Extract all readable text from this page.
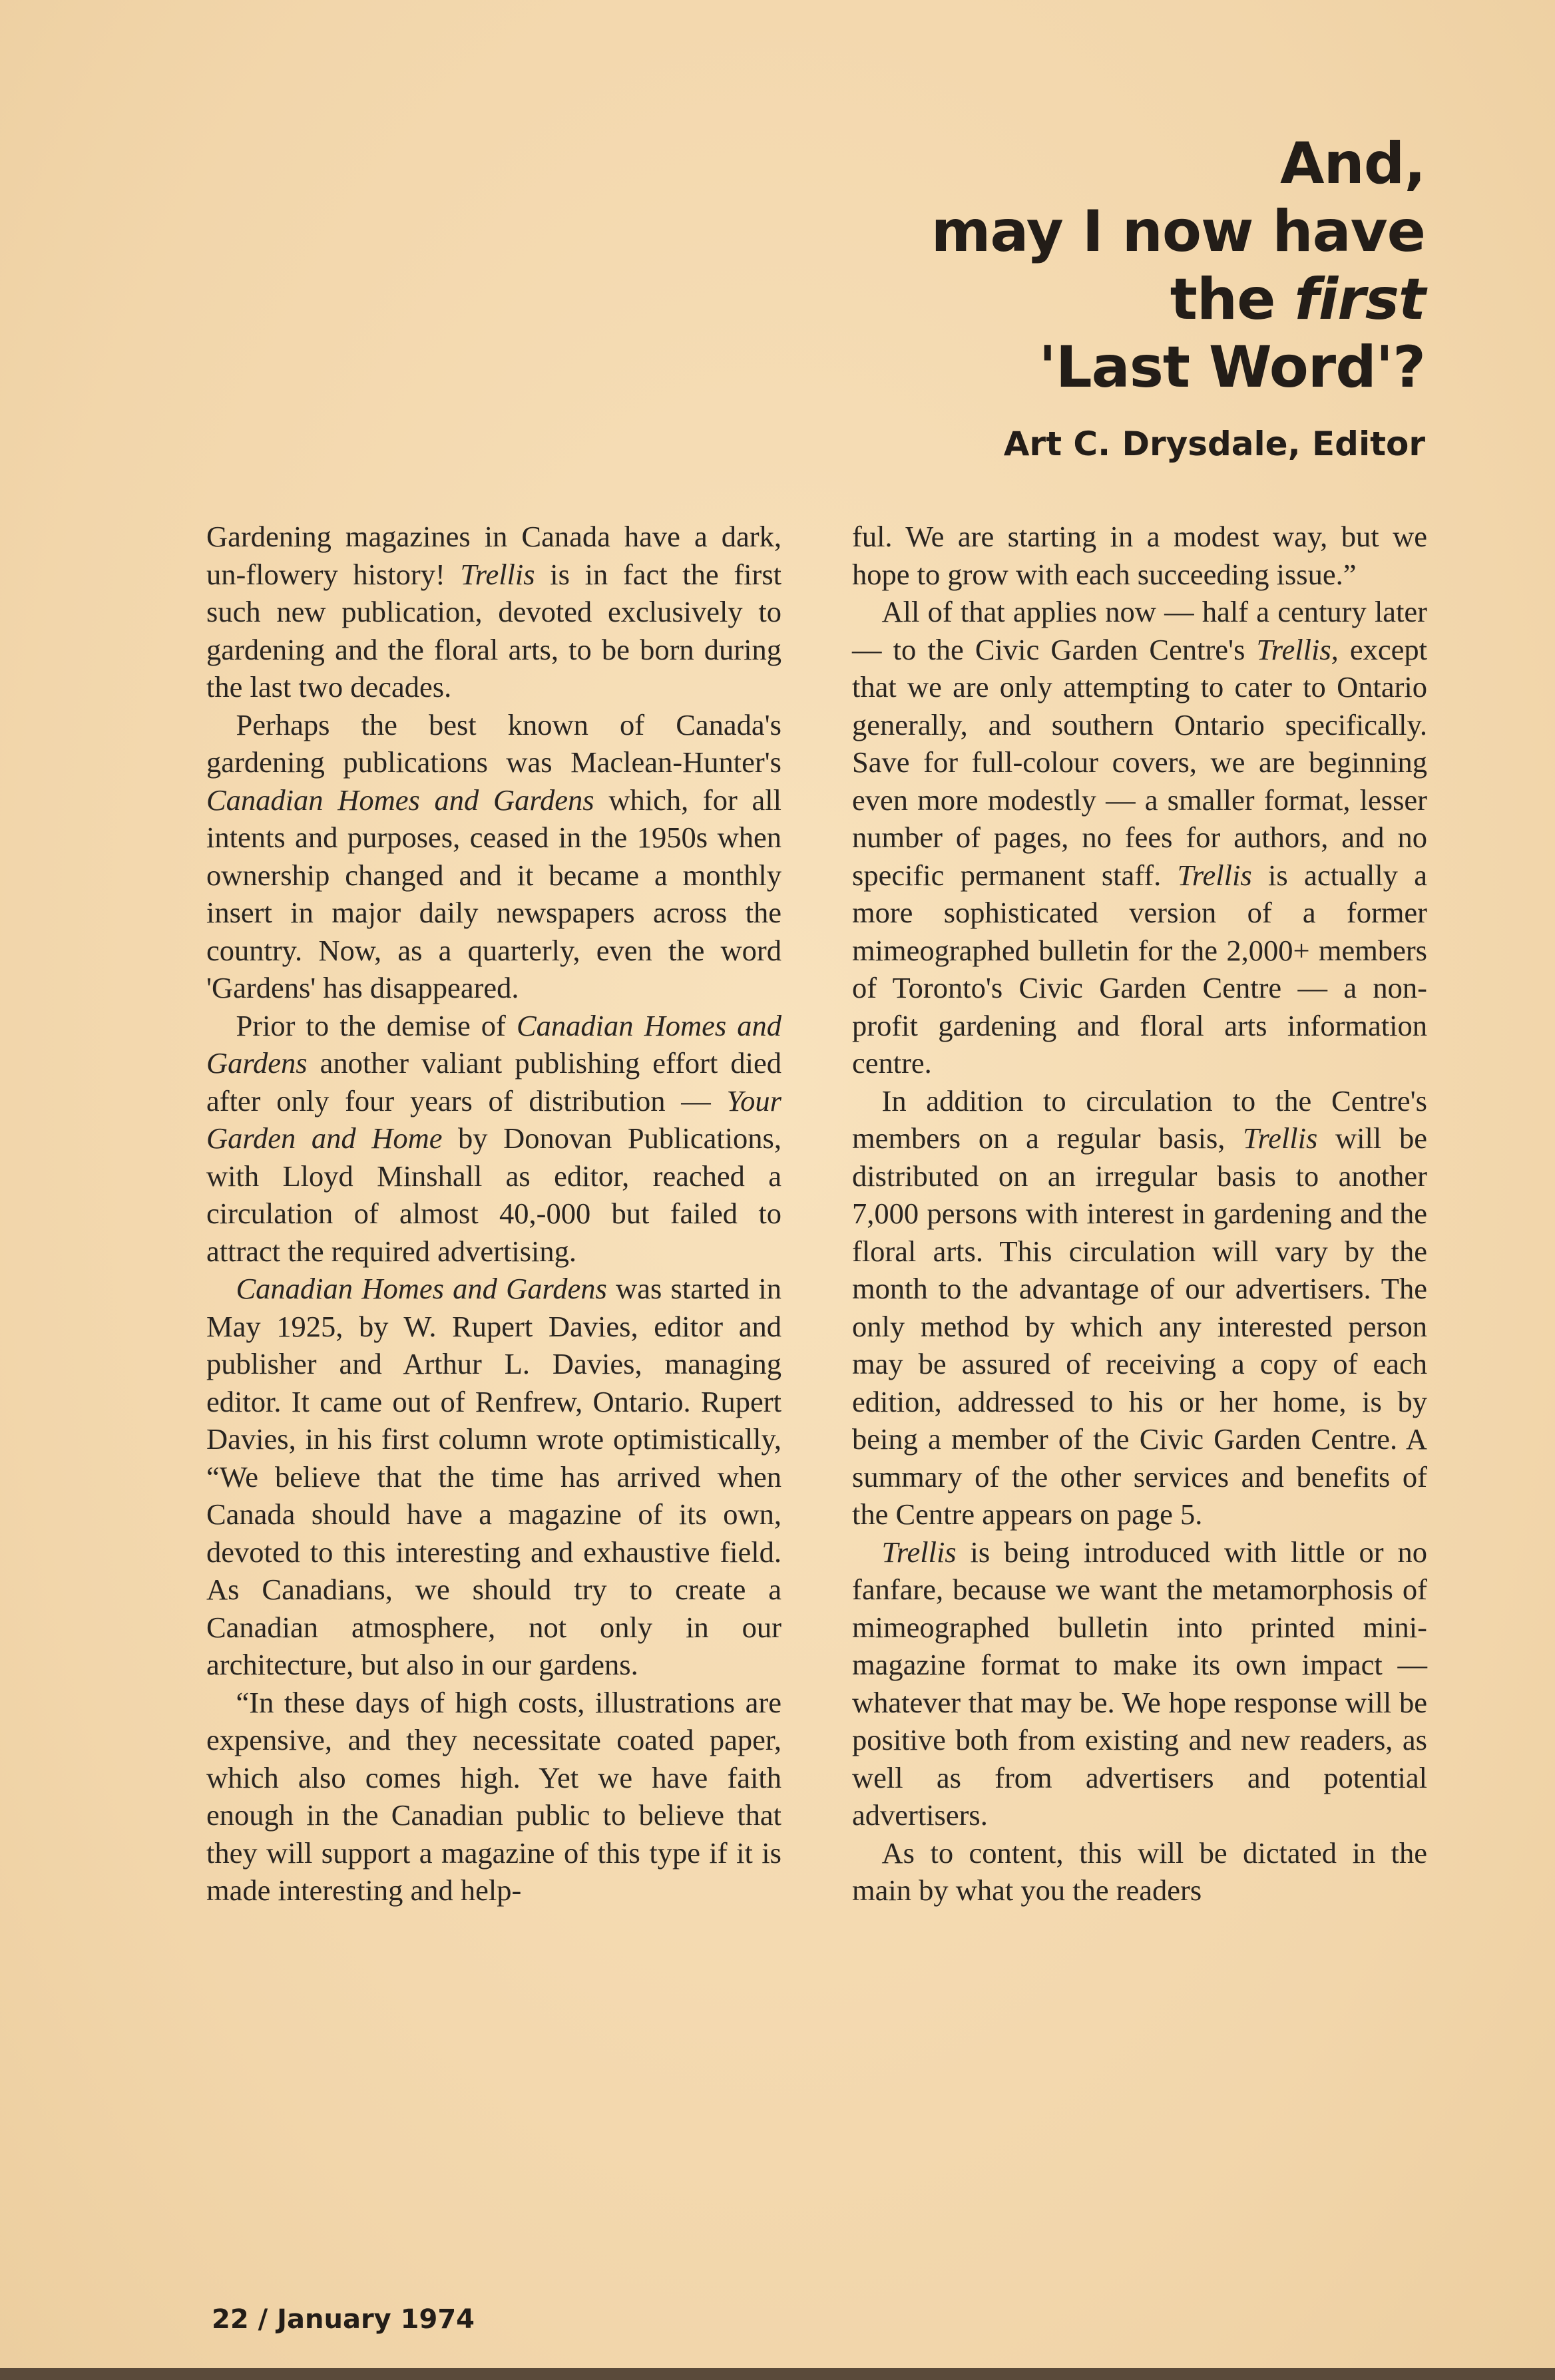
And,
may I now have
the first
'Last Word'?
Art C. Drysdale, Editor

Gardening magazines in Canada have a dark, un-flowery history! Trellis is in fact the first such new publication, devoted exclusively to gardening and the floral arts, to be born during the last two decades.

Perhaps the best known of Canada's gardening publications was Maclean-Hunter's Canadian Homes and Gardens which, for all intents and purposes, ceased in the 1950s when ownership changed and it became a monthly insert in major daily newspapers across the country. Now, as a quarterly, even the word 'Gardens' has disappeared.

Prior to the demise of Canadian Homes and Gardens another valiant publishing effort died after only four years of distribution — Your Garden and Home by Donovan Publications, with Lloyd Minshall as editor, reached a circulation of almost 40,-000 but failed to attract the required advertising.

Canadian Homes and Gardens was started in May 1925, by W. Rupert Davies, editor and publisher and Arthur L. Davies, managing editor. It came out of Renfrew, Ontario. Rupert Davies, in his first column wrote optimistically, “We believe that the time has arrived when Canada should have a magazine of its own, devoted to this interesting and exhaustive field. As Canadians, we should try to create a Canadian atmosphere, not only in our architecture, but also in our gardens.

“In these days of high costs, illustrations are expensive, and they necessitate coated paper, which also comes high. Yet we have faith enough in the Canadian public to believe that they will support a magazine of this type if it is made interesting and help-

ful. We are starting in a modest way, but we hope to grow with each succeeding issue.”

All of that applies now — half a century later — to the Civic Garden Centre's Trellis, except that we are only attempting to cater to Ontario generally, and southern Ontario specifically. Save for full-colour covers, we are beginning even more modestly — a smaller format, lesser number of pages, no fees for authors, and no specific permanent staff. Trellis is actually a more sophisticated version of a former mimeographed bulletin for the 2,000+ members of Toronto's Civic Garden Centre — a non-profit gardening and floral arts information centre.

In addition to circulation to the Centre's members on a regular basis, Trellis will be distributed on an irregular basis to another 7,000 persons with interest in gardening and the floral arts. This circulation will vary by the month to the advantage of our advertisers. The only method by which any interested person may be assured of receiving a copy of each edition, addressed to his or her home, is by being a member of the Civic Garden Centre. A summary of the other services and benefits of the Centre appears on page 5.

Trellis is being introduced with little or no fanfare, because we want the metamorphosis of mimeographed bulletin into printed mini-magazine format to make its own impact — whatever that may be. We hope response will be positive both from existing and new readers, as well as from advertisers and potential advertisers.

As to content, this will be dictated in the main by what you the readers

22 / January 1974
